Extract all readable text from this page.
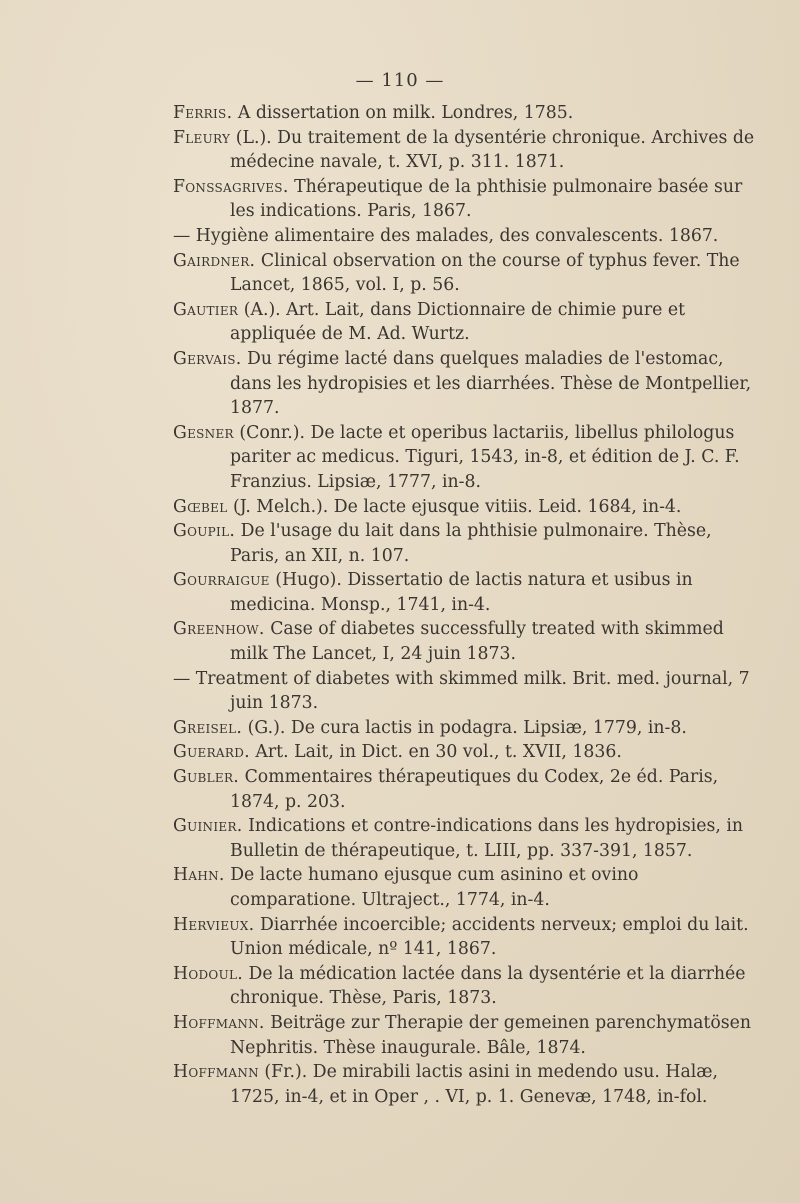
— 110 —

Ferris. A dissertation on milk. Londres, 1785.

Fleury (L.). Du traitement de la dysentérie chronique. Archives de médecine navale, t. XVI, p. 311. 1871.

Fonssagrives. Thérapeutique de la phthisie pulmonaire basée sur les indications. Paris, 1867.

— Hygiène alimentaire des malades, des convalescents. 1867.

Gairdner. Clinical observation on the course of typhus fever. The Lancet, 1865, vol. I, p. 56.

Gautier (A.). Art. Lait, dans Dictionnaire de chimie pure et appliquée de M. Ad. Wurtz.

Gervais. Du régime lacté dans quelques maladies de l'estomac, dans les hydropisies et les diarrhées. Thèse de Montpellier, 1877.

Gesner (Conr.). De lacte et operibus lactariis, libellus philologus pariter ac medicus. Tiguri, 1543, in-8, et édition de J. C. F. Franzius. Lipsiæ, 1777, in-8.

Gœbel (J. Melch.). De lacte ejusque vitiis. Leid. 1684, in-4.

Goupil. De l'usage du lait dans la phthisie pulmonaire. Thèse, Paris, an XII, n. 107.

Gourraigue (Hugo). Dissertatio de lactis natura et usibus in medicina. Monsp., 1741, in-4.

Greenhow. Case of diabetes successfully treated with skimmed milk The Lancet, I, 24 juin 1873.

— Treatment of diabetes with skimmed milk. Brit. med. journal, 7 juin 1873.

Greisel. (G.). De cura lactis in podagra. Lipsiæ, 1779, in-8.

Guerard. Art. Lait, in Dict. en 30 vol., t. XVII, 1836.

Gubler. Commentaires thérapeutiques du Codex, 2e éd. Paris, 1874, p. 203.

Guinier. Indications et contre-indications dans les hydropisies, in Bulletin de thérapeutique, t. LIII, pp. 337-391, 1857.

Hahn. De lacte humano ejusque cum asinino et ovino comparatione. Ultraject., 1774, in-4.

Hervieux. Diarrhée incoercible; accidents nerveux; emploi du lait. Union médicale, nº 141, 1867.

Hodoul. De la médication lactée dans la dysentérie et la diarrhée chronique. Thèse, Paris, 1873.

Hoffmann. Beiträge zur Therapie der gemeinen parenchymatösen Nephritis. Thèse inaugurale. Bâle, 1874.

Hoffmann (Fr.). De mirabili lactis asini in medendo usu. Halæ, 1725, in-4, et in Oper , . VI, p. 1. Genevæ, 1748, in-fol.
